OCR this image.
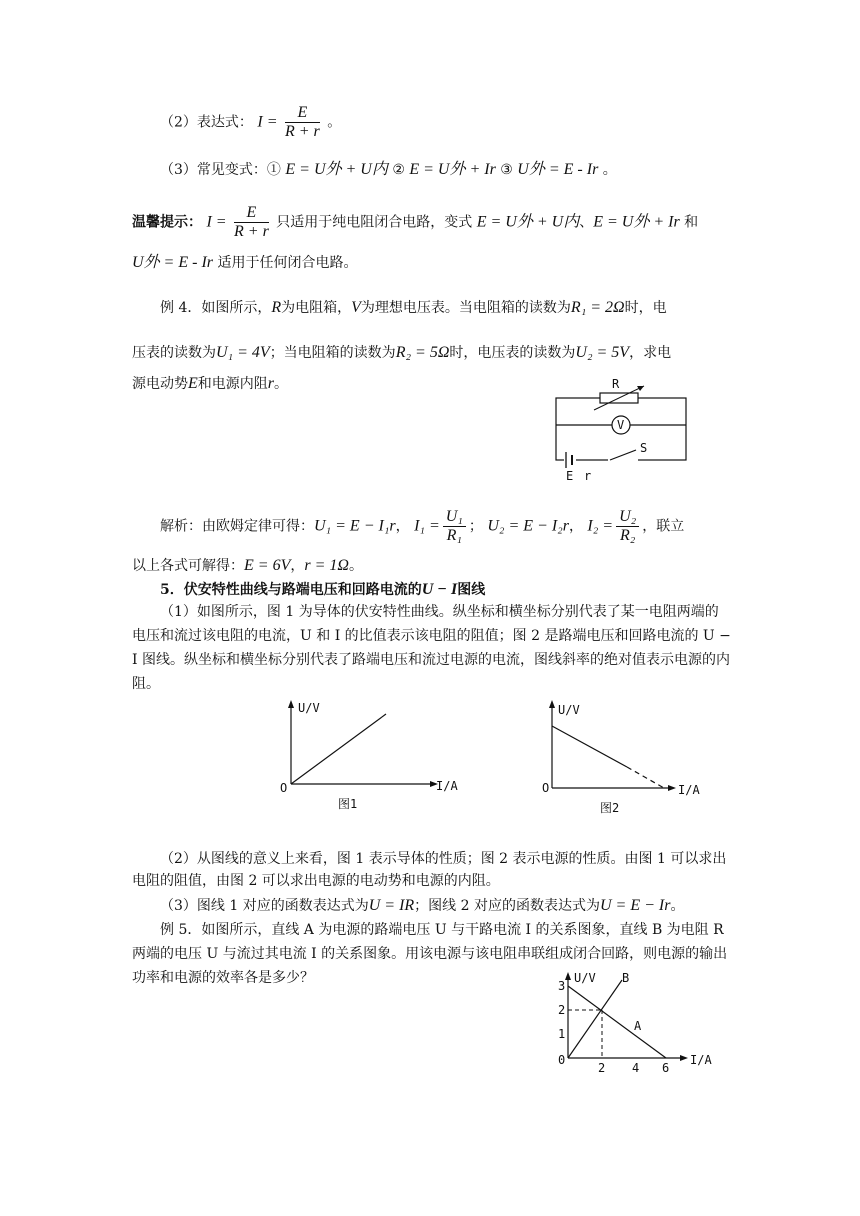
（2）表达式： $I = \frac{E}{R + r}$ 。
（3）常见变式：① E = U外 + U内 ② E = U外 + Ir ③ U外 = E - Ir 。
温馨提示： $I = \frac{E}{R + r}$ 只适用于纯电阻闭合电路，变式 E = U外 + U内、E = U外 + Ir 和
U外 = E - Ir 适用于任何闭合电路。
例 4．如图所示，R为电阻箱，V为理想电压表。当电阻箱的读数为R₁ = 2Ω时，电
压表的读数为U₁ = 4V；当电阻箱的读数为R₂ = 5Ω时，电压表的读数为U₂ = 5V，求电
源电动势E和电源内阻r。	R
V
S
E r
解析：由欧姆定律可得：U₁ = E − I₁r， $I_1 = \frac{\text{U₁}}{\text{R₁}}$ ； U₂ = E − I₂r， $I_2 = \frac{\text{U₂}}{\text{R₂}}$ ，联立
以上各式可解得：E = 6V，r = 1Ω。
5．伏安特性曲线与路端电压和回路电流的U − I图线
（1）如图所示，图 1 为导体的伏安特性曲线。纵坐标和横坐标分别代表了某一电阻两端的电压和流过该电阻的电流，U 和 I 的比值表示该电阻的阻值；图 2 是路端电压和回路电流的 U − I 图线。纵坐标和横坐标分别代表了路端电压和流过电源的电流，图线斜率的绝对值表示电源的内阻。
U/V
I/A
O
图1
U/V
I/A
O
图2
（2）从图线的意义上来看，图 1 表示导体的性质；图 2 表示电源的性质。由图 1 可以求出电阻的阻值，由图 2 可以求出电源的电动势和电源的内阻。
（3）图线 1 对应的函数表达式为U = IR；图线 2 对应的函数表达式为U = E − Ir。
例 5．如图所示，直线 A 为电源的路端电压 U 与干路电流 I 的关系图象，直线 B 为电阻 R 两端的电压 U 与流过其电流 I 的关系图象。用该电源与该电阻串联组成闭合回路，则电源的输出功率和电源的效率各是多少？	U/V
I/A
0
B
A
3
2
1
2 4 6
